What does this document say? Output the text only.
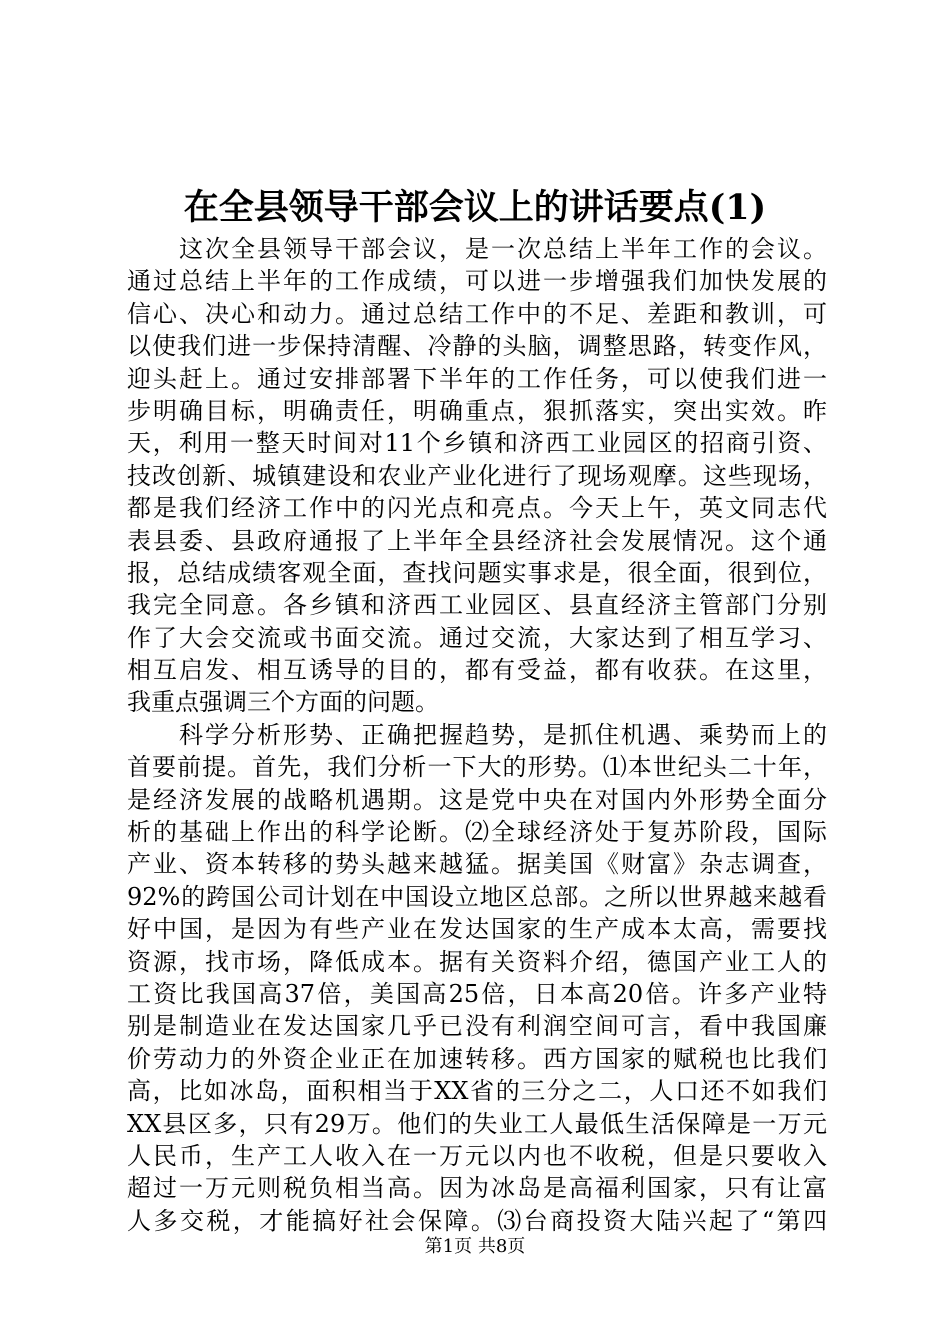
在全县领导干部会议上的讲话要点(1)
这次全县领导干部会议，是一次总结上半年工作的会议。
通过总结上半年的工作成绩，可以进一步增强我们加快发展的
信心、决心和动力。通过总结工作中的不足、差距和教训，可
以使我们进一步保持清醒、冷静的头脑，调整思路，转变作风，
迎头赶上。通过安排部署下半年的工作任务，可以使我们进一
步明确目标，明确责任，明确重点，狠抓落实，突出实效。昨
天，利用一整天时间对11个乡镇和济西工业园区的招商引资、
技改创新、城镇建设和农业产业化进行了现场观摩。这些现场，
都是我们经济工作中的闪光点和亮点。今天上午，英文同志代
表县委、县政府通报了上半年全县经济社会发展情况。这个通
报，总结成绩客观全面，查找问题实事求是，很全面，很到位，
我完全同意。各乡镇和济西工业园区、县直经济主管部门分别
作了大会交流或书面交流。通过交流，大家达到了相互学习、
相互启发、相互诱导的目的，都有受益，都有收获。在这里，
我重点强调三个方面的问题。
科学分析形势、正确把握趋势，是抓住机遇、乘势而上的
首要前提。首先，我们分析一下大的形势。⑴本世纪头二十年，
是经济发展的战略机遇期。这是党中央在对国内外形势全面分
析的基础上作出的科学论断。⑵全球经济处于复苏阶段，国际
产业、资本转移的势头越来越猛。据美国《财富》杂志调查，
92%的跨国公司计划在中国设立地区总部。之所以世界越来越看
好中国，是因为有些产业在发达国家的生产成本太高，需要找
资源，找市场，降低成本。据有关资料介绍，德国产业工人的
工资比我国高37倍，美国高25倍，日本高20倍。许多产业特
别是制造业在发达国家几乎已没有利润空间可言，看中我国廉
价劳动力的外资企业正在加速转移。西方国家的赋税也比我们
高，比如冰岛，面积相当于XX省的三分之二，人口还不如我们
XX县区多，只有29万。他们的失业工人最低生活保障是一万元
人民币，生产工人收入在一万元以内也不收税，但是只要收入
超过一万元则税负相当高。因为冰岛是高福利国家，只有让富
人多交税，才能搞好社会保障。⑶台商投资大陆兴起了“第四
第1页 共8页
